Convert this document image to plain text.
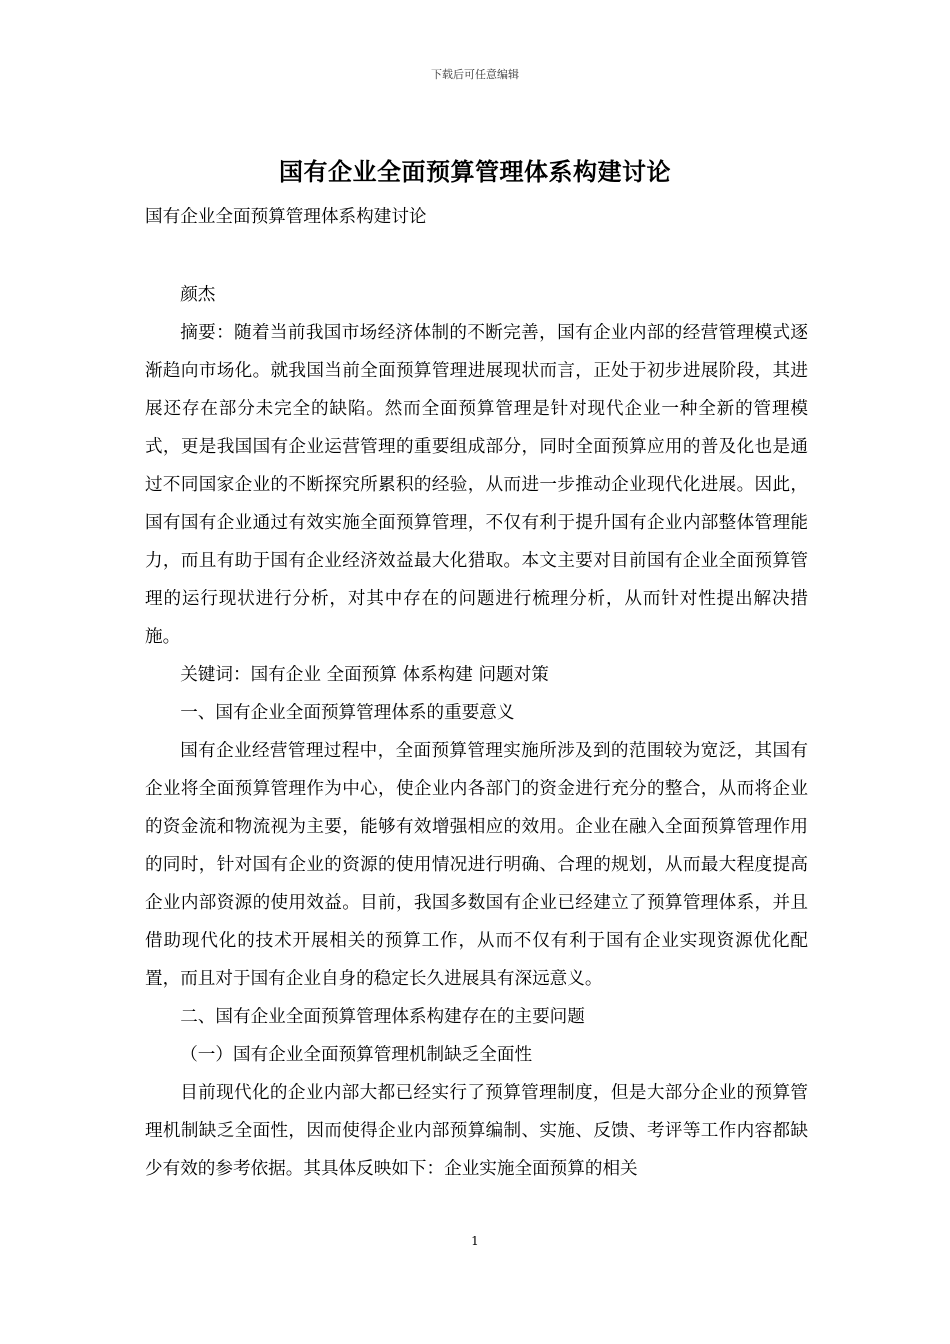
下载后可任意编辑
国有企业全面预算管理体系构建讨论

国有企业全面预算管理体系构建讨论

颜杰

摘要：随着当前我国市场经济体制的不断完善，国有企业内部的经营管理模式逐渐趋向市场化。就我国当前全面预算管理进展现状而言，正处于初步进展阶段，其进展还存在部分未完全的缺陷。然而全面预算管理是针对现代企业一种全新的管理模式，更是我国国有企业运营管理的重要组成部分，同时全面预算应用的普及化也是通过不同国家企业的不断探究所累积的经验，从而进一步推动企业现代化进展。因此，国有国有企业通过有效实施全面预算管理，不仅有利于提升国有企业内部整体管理能力，而且有助于国有企业经济效益最大化猎取。本文主要对目前国有企业全面预算管理的运行现状进行分析，对其中存在的问题进行梳理分析，从而针对性提出解决措施。

关键词：国有企业 全面预算 体系构建 问题对策

一、国有企业全面预算管理体系的重要意义

国有企业经营管理过程中，全面预算管理实施所涉及到的范围较为宽泛，其国有企业将全面预算管理作为中心，使企业内各部门的资金进行充分的整合，从而将企业的资金流和物流视为主要，能够有效增强相应的效用。企业在融入全面预算管理作用的同时，针对国有企业的资源的使用情况进行明确、合理的规划，从而最大程度提高企业内部资源的使用效益。目前，我国多数国有企业已经建立了预算管理体系，并且借助现代化的技术开展相关的预算工作，从而不仅有利于国有企业实现资源优化配置，而且对于国有企业自身的稳定长久进展具有深远意义。

二、国有企业全面预算管理体系构建存在的主要问题

（一）国有企业全面预算管理机制缺乏全面性

目前现代化的企业内部大都已经实行了预算管理制度，但是大部分企业的预算管理机制缺乏全面性，因而使得企业内部预算编制、实施、反馈、考评等工作内容都缺少有效的参考依据。其具体反映如下：企业实施全面预算的相关

1
